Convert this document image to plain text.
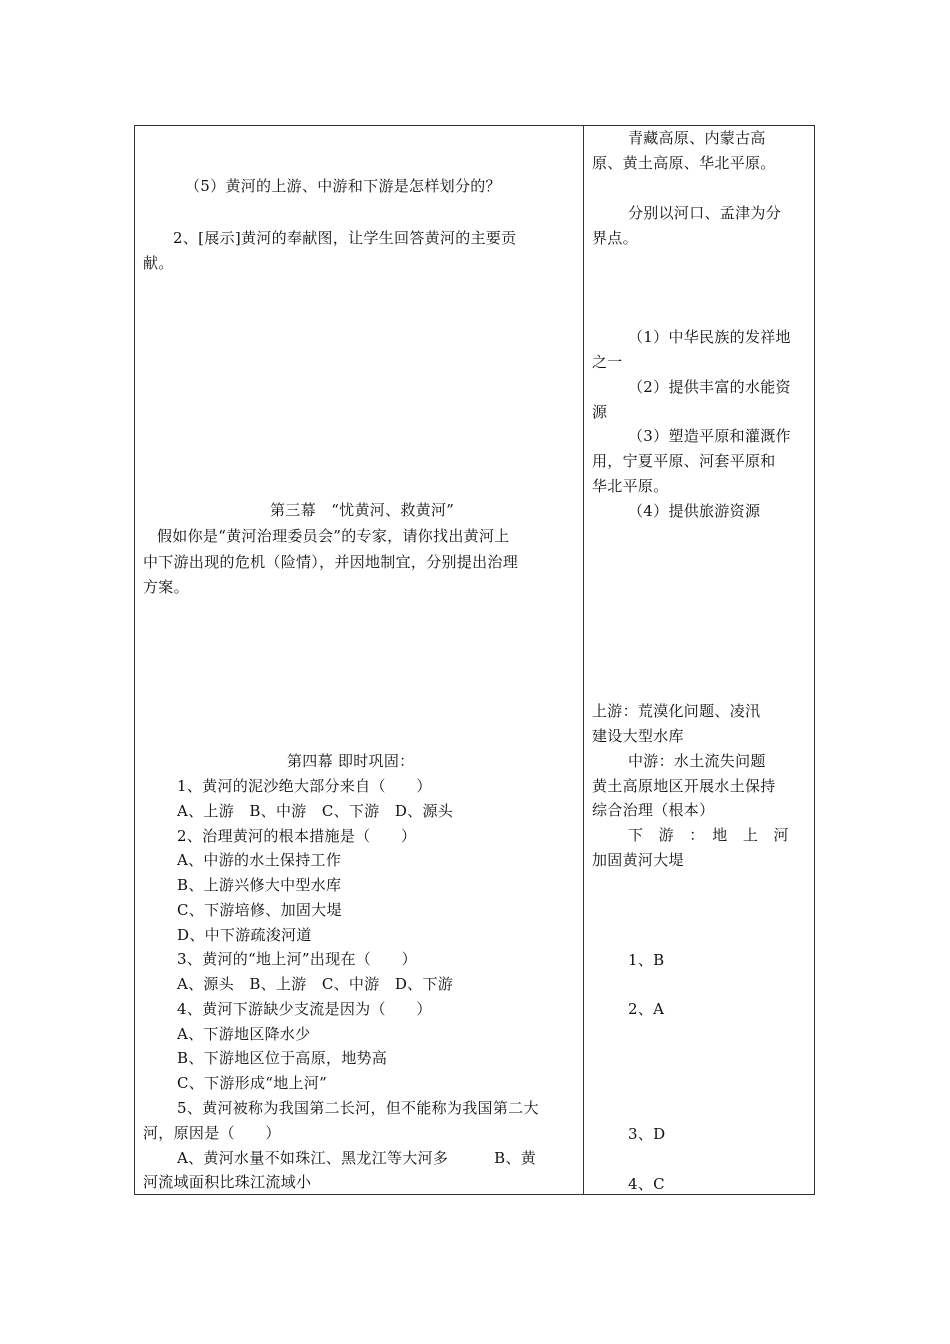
（5）黄河的上游、中游和下游是怎样划分的？
2、[展示]黄河的奉献图，让学生回答黄河的主要贡
献。
第三幕　“忧黄河、救黄河”
假如你是“黄河治理委员会”的专家，请你找出黄河上
中下游出现的危机（险情），并因地制宜，分别提出治理
方案。
第四幕 即时巩固：
1、黄河的泥沙绝大部分来自（　　）
A、上游　B、中游　C、下游　D、源头
2、治理黄河的根本措施是（　　）
A、中游的水土保持工作
B、上游兴修大中型水库
C、下游培修、加固大堤
D、中下游疏浚河道
3、黄河的“地上河”出现在（　　）
A、源头　B、上游　C、中游　D、下游
4、黄河下游缺少支流是因为（　　）
A、下游地区降水少
B、下游地区位于高原，地势高
C、下游形成“地上河”
5、黄河被称为我国第二长河，但不能称为我国第二大
河，原因是（　　）
A、黄河水量不如珠江、黑龙江等大河多　　　B、黄
河流域面积比珠江流域小
青藏高原、内蒙古高
原、黄土高原、华北平原。
分别以河口、孟津为分
界点。
（1）中华民族的发祥地
之一
（2）提供丰富的水能资
源
（3）塑造平原和灌溉作
用，宁夏平原、河套平原和
华北平原。
（4）提供旅游资源
上游：荒漠化问题、凌汛
建设大型水库
中游：水土流失问题
黄土高原地区开展水土保持
综合治理（根本）
下　游　：　地　上　河
加固黄河大堤
1、B
2、A
3、D
4、C
